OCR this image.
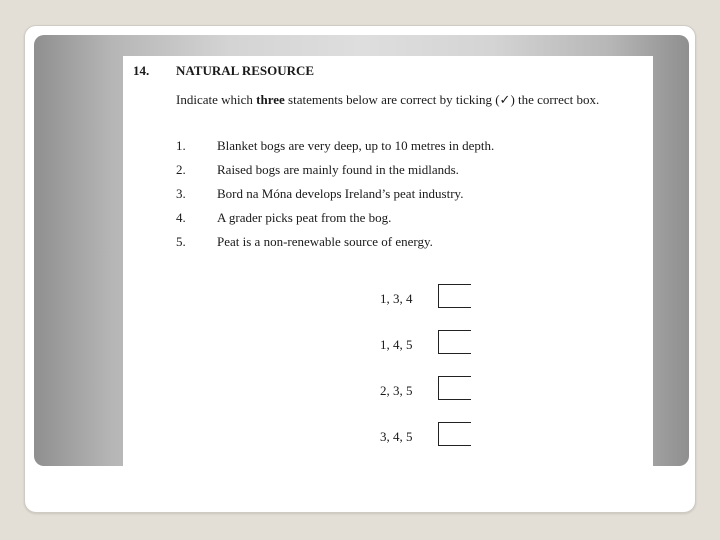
14. NATURAL RESOURCE
Indicate which three statements below are correct by ticking (✓) the correct box.
1. Blanket bogs are very deep, up to 10 metres in depth.
2. Raised bogs are mainly found in the midlands.
3. Bord na Móna develops Ireland’s peat industry.
4. A grader picks peat from the bog.
5. Peat is a non-renewable source of energy.
1, 3, 4
1, 4, 5
2, 3, 5
3, 4, 5
